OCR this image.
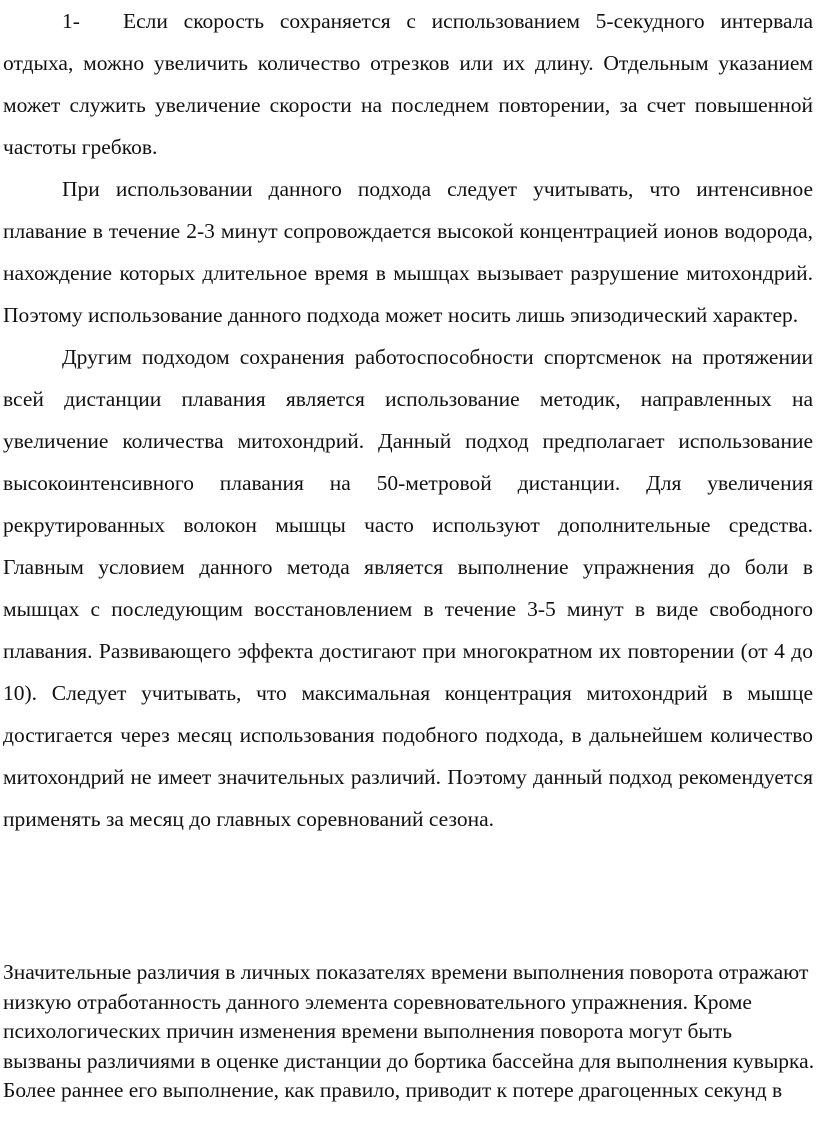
1- Если скорость сохраняется с использованием 5-секудного интервала отдыха, можно увеличить количество отрезков или их длину. Отдельным указанием может служить увеличение скорости на последнем повторении, за счет повышенной частоты гребков.

При использовании данного подхода следует учитывать, что интенсивное плавание в течение 2-3 минут сопровождается высокой концентрацией ионов водорода, нахождение которых длительное время в мышцах вызывает разрушение митохондрий. Поэтому использование данного подхода может носить лишь эпизодический характер.

Другим подходом сохранения работоспособности спортсменок на протяжении всей дистанции плавания является использование методик, направленных на увеличение количества митохондрий. Данный подход предполагает использование высокоинтенсивного плавания на 50-метровой дистанции. Для увеличения рекрутированных волокон мышцы часто используют дополнительные средства. Главным условием данного метода является выполнение упражнения до боли в мышцах с последующим восстановлением в течение 3-5 минут в виде свободного плавания. Развивающего эффекта достигают при многократном их повторении (от 4 до 10). Следует учитывать, что максимальная концентрация митохондрий в мышце достигается через месяц использования подобного подхода, в дальнейшем количество митохондрий не имеет значительных различий. Поэтому данный подход рекомендуется применять за месяц до главных соревнований сезона.

Значительные различия в личных показателях времени выполнения поворота отражают низкую отработанность данного элемента соревновательного упражнения. Кроме психологических причин изменения времени выполнения поворота могут быть вызваны различиями в оценке дистанции до бортика бассейна для выполнения кувырка. Более раннее его выполнение, как правило, приводит к потере драгоценных секунд в
